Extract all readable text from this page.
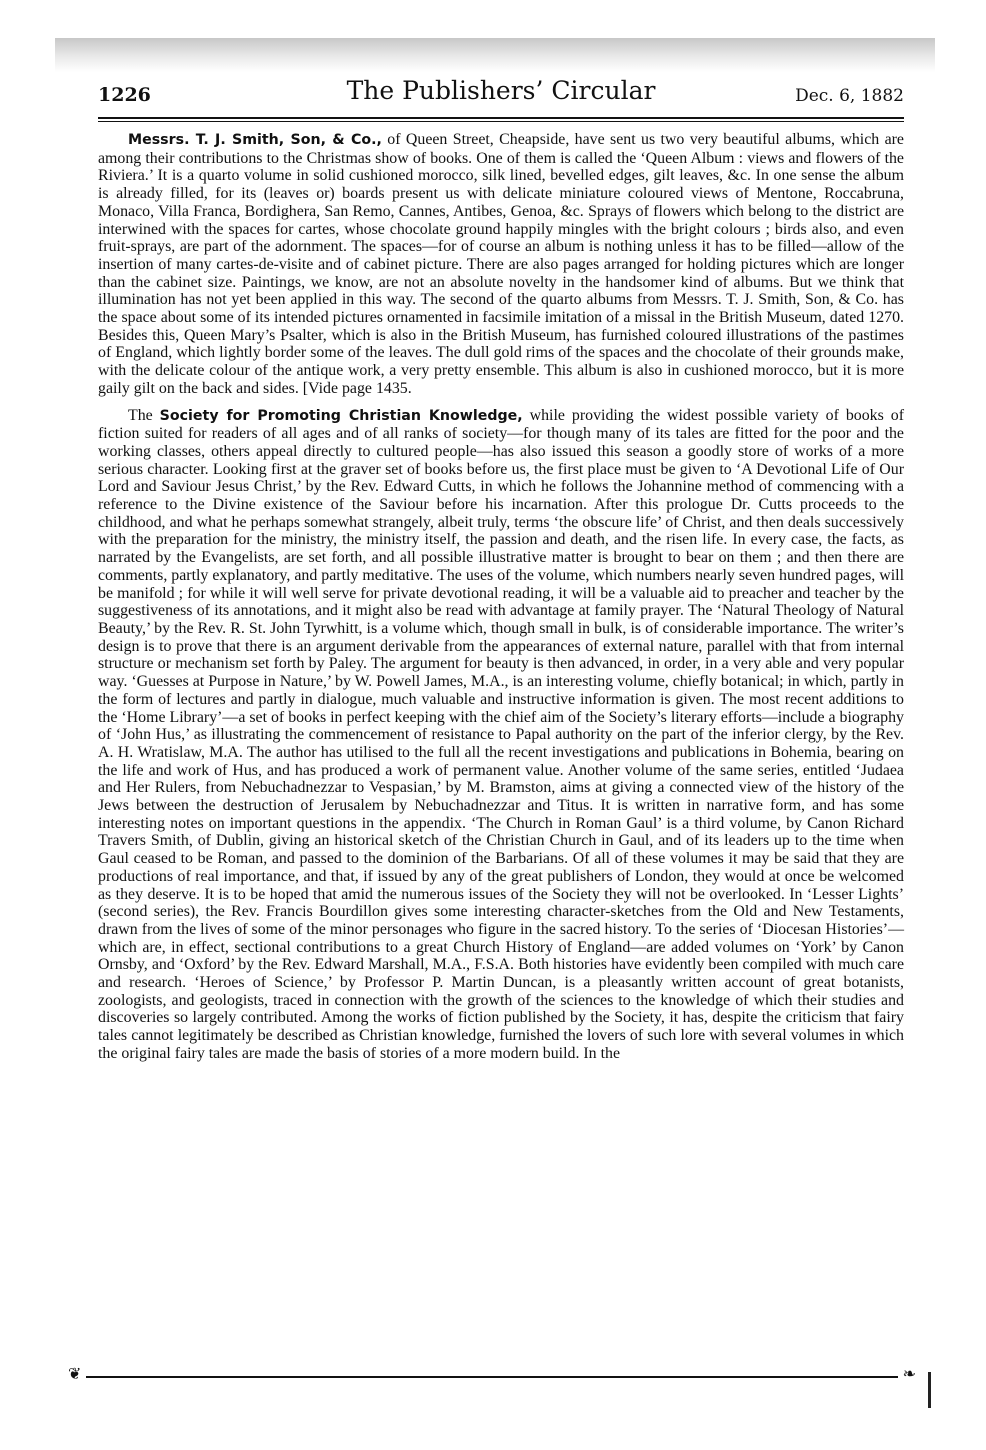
1226	The Publishers’ Circular	Dec. 6, 1882

Messrs. T. J. Smith, Son, & Co., of Queen Street, Cheapside, have sent us two very beautiful albums, which are among their contributions to the Christmas show of books. One of them is called the ‘Queen Album : views and flowers of the Riviera.’ It is a quarto volume in solid cushioned morocco, silk lined, bevelled edges, gilt leaves, &c. In one sense the album is already filled, for its (leaves or) boards present us with delicate miniature coloured views of Mentone, Roccabruna, Monaco, Villa Franca, Bordighera, San Remo, Cannes, Antibes, Genoa, &c. Sprays of flowers which belong to the district are interwined with the spaces for cartes, whose chocolate ground happily mingles with the bright colours ; birds also, and even fruit-sprays, are part of the adornment. The spaces—for of course an album is nothing unless it has to be filled—allow of the insertion of many cartes-de-visite and of cabinet picture. There are also pages arranged for holding pictures which are longer than the cabinet size. Paintings, we know, are not an absolute novelty in the handsomer kind of albums. But we think that illumination has not yet been applied in this way. The second of the quarto albums from Messrs. T. J. Smith, Son, & Co. has the space about some of its intended pictures ornamented in facsimile imitation of a missal in the British Museum, dated 1270. Besides this, Queen Mary’s Psalter, which is also in the British Museum, has furnished coloured illustrations of the pastimes of England, which lightly border some of the leaves. The dull gold rims of the spaces and the chocolate of their grounds make, with the delicate colour of the antique work, a very pretty ensemble. This album is also in cushioned morocco, but it is more gaily gilt on the back and sides. [Vide page 1435.

The Society for Promoting Christian Knowledge, while providing the widest possible variety of books of fiction suited for readers of all ages and of all ranks of society—for though many of its tales are fitted for the poor and the working classes, others appeal directly to cultured people—has also issued this season a goodly store of works of a more serious character. Looking first at the graver set of books before us, the first place must be given to ‘A Devotional Life of Our Lord and Saviour Jesus Christ,’ by the Rev. Edward Cutts, in which he follows the Johannine method of commencing with a reference to the Divine existence of the Saviour before his incarnation. After this prologue Dr. Cutts proceeds to the childhood, and what he perhaps somewhat strangely, albeit truly, terms ‘the obscure life’ of Christ, and then deals successively with the preparation for the ministry, the ministry itself, the passion and death, and the risen life. In every case, the facts, as narrated by the Evangelists, are set forth, and all possible illustrative matter is brought to bear on them ; and then there are comments, partly explanatory, and partly meditative. The uses of the volume, which numbers nearly seven hundred pages, will be manifold ; for while it will well serve for private devotional reading, it will be a valuable aid to preacher and teacher by the suggestiveness of its annotations, and it might also be read with advantage at family prayer. The ‘Natural Theology of Natural Beauty,’ by the Rev. R. St. John Tyrwhitt, is a volume which, though small in bulk, is of considerable importance. The writer’s design is to prove that there is an argument derivable from the appearances of external nature, parallel with that from internal structure or mechanism set forth by Paley. The argument for beauty is then advanced, in order, in a very able and very popular way. ‘Guesses at Purpose in Nature,’ by W. Powell James, M.A., is an interesting volume, chiefly botanical; in which, partly in the form of lectures and partly in dialogue, much valuable and instructive information is given. The most recent additions to the ‘Home Library’—a set of books in perfect keeping with the chief aim of the Society’s literary efforts—include a biography of ‘John Hus,’ as illustrating the commencement of resistance to Papal authority on the part of the inferior clergy, by the Rev. A. H. Wratislaw, M.A. The author has utilised to the full all the recent investigations and publications in Bohemia, bearing on the life and work of Hus, and has produced a work of permanent value. Another volume of the same series, entitled ‘Judaea and Her Rulers, from Nebuchadnezzar to Vespasian,’ by M. Bramston, aims at giving a connected view of the history of the Jews between the destruction of Jerusalem by Nebuchadnezzar and Titus. It is written in narrative form, and has some interesting notes on important questions in the appendix. ‘The Church in Roman Gaul’ is a third volume, by Canon Richard Travers Smith, of Dublin, giving an historical sketch of the Christian Church in Gaul, and of its leaders up to the time when Gaul ceased to be Roman, and passed to the dominion of the Barbarians. Of all of these volumes it may be said that they are productions of real importance, and that, if issued by any of the great publishers of London, they would at once be welcomed as they deserve. It is to be hoped that amid the numerous issues of the Society they will not be overlooked. In ‘Lesser Lights’ (second series), the Rev. Francis Bourdillon gives some interesting character-sketches from the Old and New Testaments, drawn from the lives of some of the minor personages who figure in the sacred history. To the series of ‘Diocesan Histories’—which are, in effect, sectional contributions to a great Church History of England—are added volumes on ‘York’ by Canon Ornsby, and ‘Oxford’ by the Rev. Edward Marshall, M.A., F.S.A. Both histories have evidently been compiled with much care and research. ‘Heroes of Science,’ by Professor P. Martin Duncan, is a pleasantly written account of great botanists, zoologists, and geologists, traced in connection with the growth of the sciences to the knowledge of which their studies and discoveries so largely contributed. Among the works of fiction published by the Society, it has, despite the criticism that fairy tales cannot legitimately be described as Christian knowledge, furnished the lovers of such lore with several volumes in which the original fairy tales are made the basis of stories of a more modern build. In the

❦	❧
